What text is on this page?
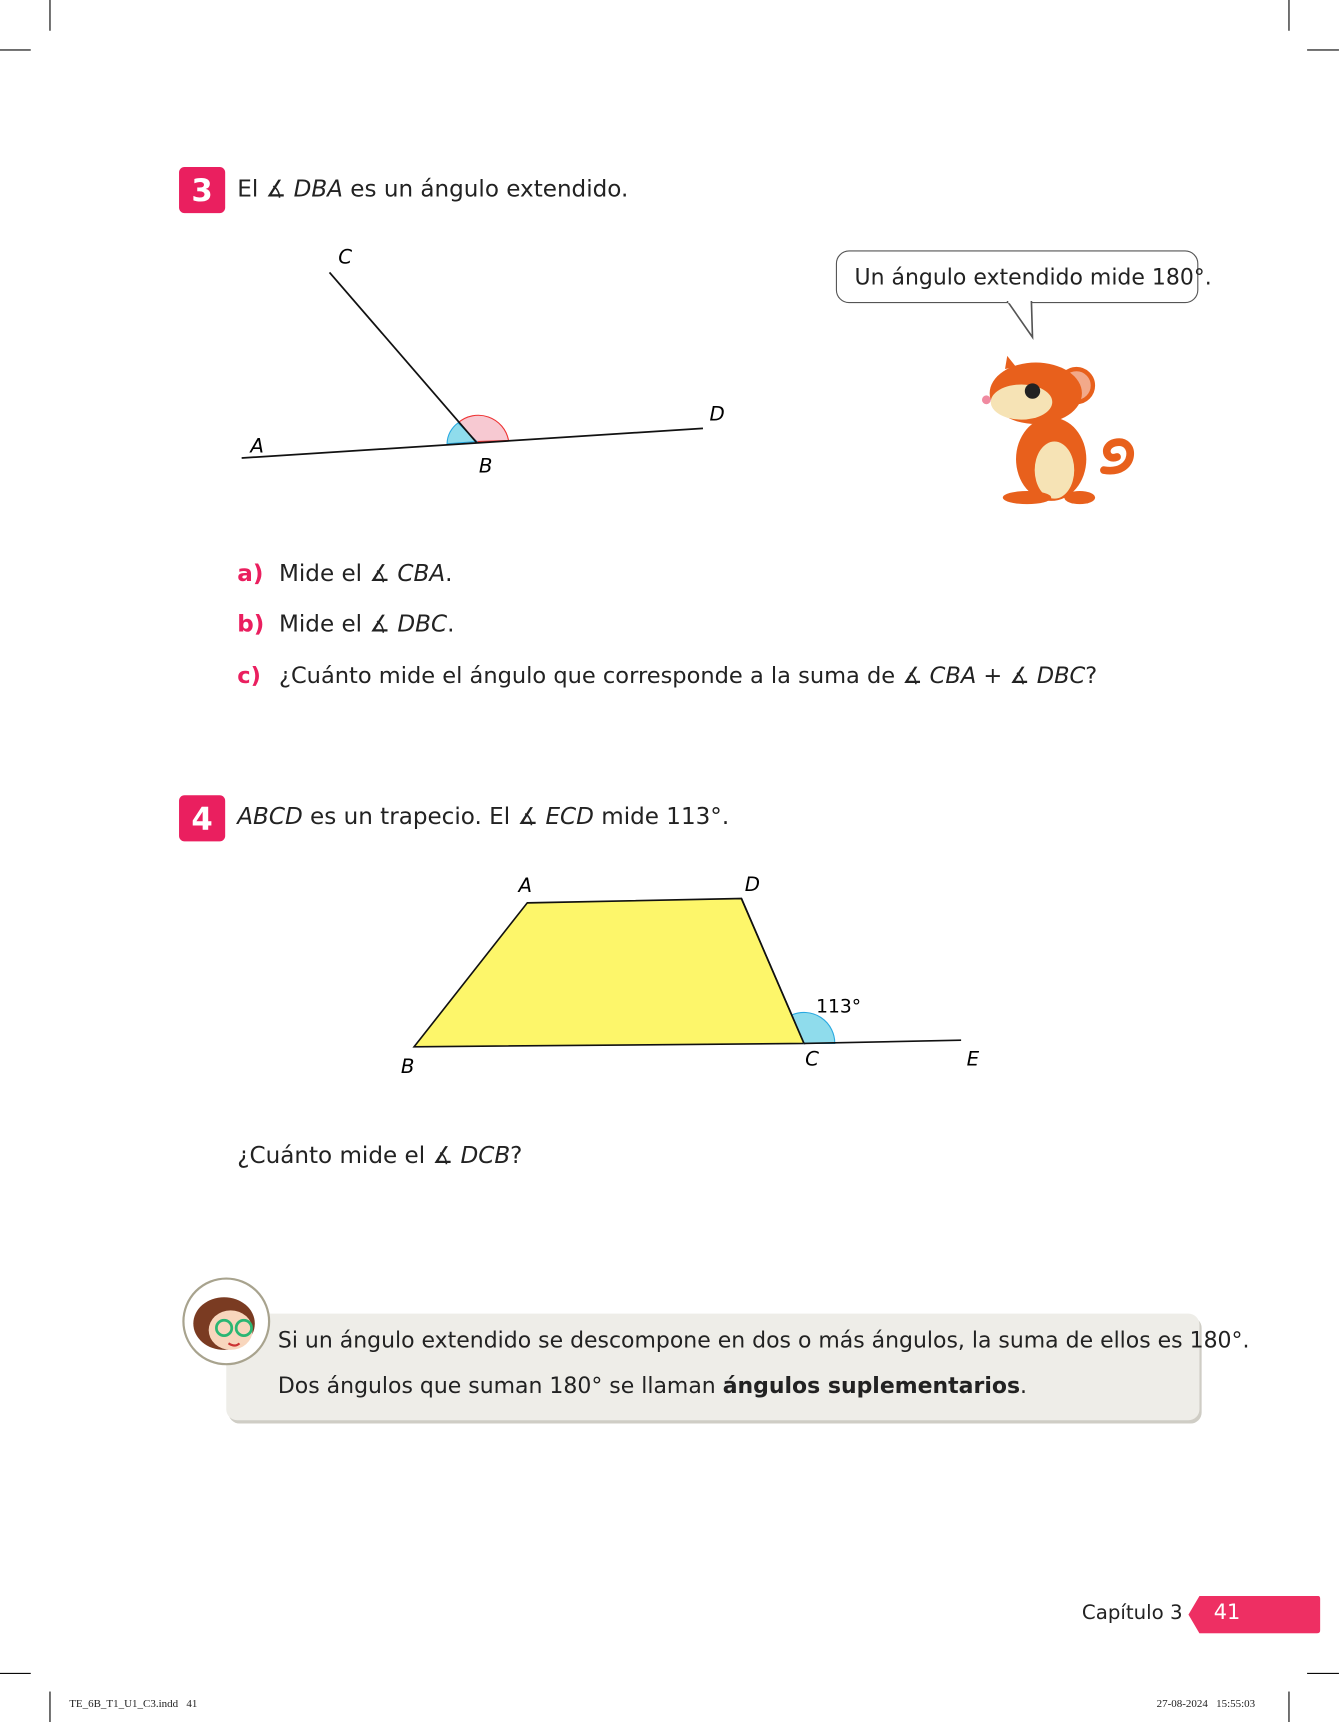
3	El ∡ DBA es un ángulo extendido.
A
B
C
D
Un ángulo extendido mide 180°.
a) Mide el ∡ CBA.
b) Mide el ∡ DBC.
c) ¿Cuánto mide el ángulo que corresponde a la suma de ∡ CBA + ∡ DBC?
4	ABCD es un trapecio. El ∡ ECD mide 113°.
A	D
B	C	E
113°
¿Cuánto mide el ∡ DCB?
Si un ángulo extendido se descompone en dos o más ángulos, la suma de ellos es 180°.
Dos ángulos que suman 180° se llaman ángulos suplementarios.
Capítulo 3 41
TE_6B_T1_U1_C3.indd   41	27-08-2024   15:55:03
